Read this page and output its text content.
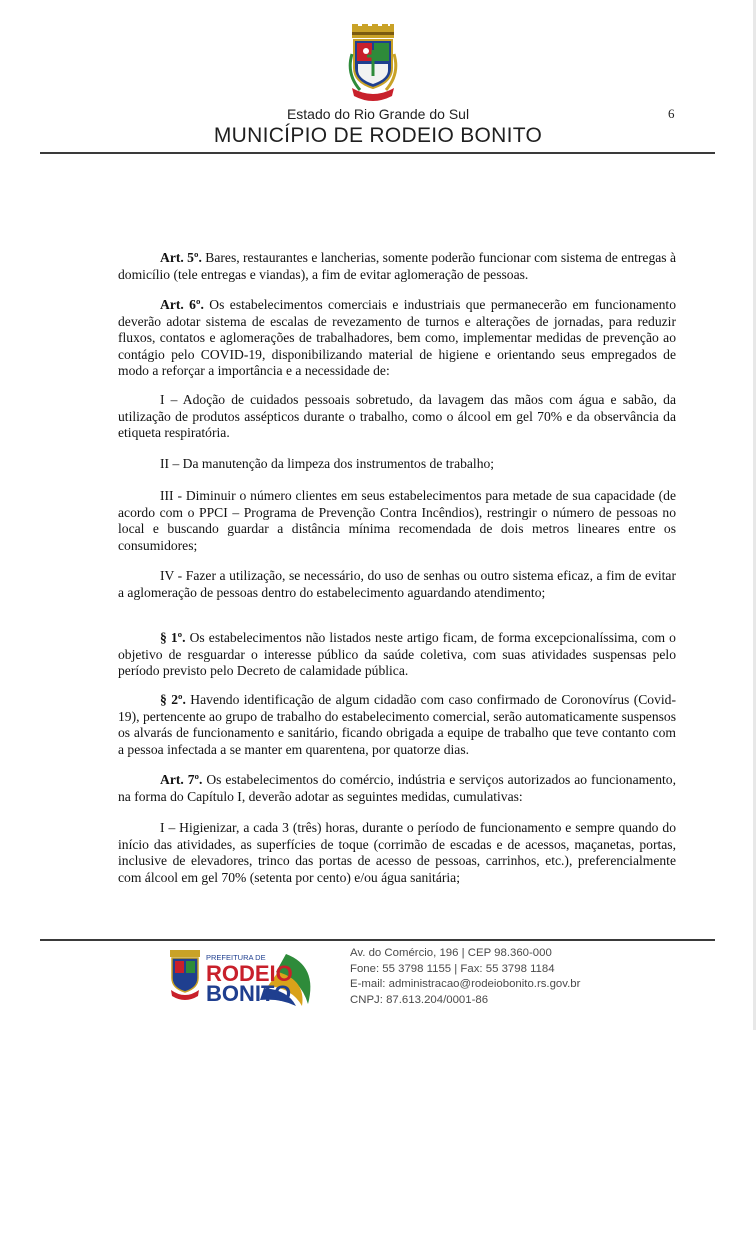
Estado do Rio Grande do Sul
MUNICÍPIO DE RODEIO BONITO
6

Art. 5º. Bares, restaurantes e lancherias, somente poderão funcionar com sistema de entregas à domicílio (tele entregas e viandas), a fim de evitar aglomeração de pessoas.

Art. 6º. Os estabelecimentos comerciais e industriais que permanecerão em funcionamento deverão adotar sistema de escalas de revezamento de turnos e alterações de jornadas, para reduzir fluxos, contatos e aglomerações de trabalhadores, bem como, implementar medidas de prevenção ao contágio pelo COVID-19, disponibilizando material de higiene e orientando seus empregados de modo a reforçar a importância e a necessidade de:

I – Adoção de cuidados pessoais sobretudo, da lavagem das mãos com água e sabão, da utilização de produtos assépticos durante o trabalho, como o álcool em gel 70% e da observância da etiqueta respiratória.

II – Da manutenção da limpeza dos instrumentos de trabalho;

III - Diminuir o número clientes em seus estabelecimentos para metade de sua capacidade (de acordo com o PPCI – Programa de Prevenção Contra Incêndios), restringir o número de pessoas no local e buscando guardar a distância mínima recomendada de dois metros lineares entre os consumidores;

IV - Fazer a utilização, se necessário, do uso de senhas ou outro sistema eficaz, a fim de evitar a aglomeração de pessoas dentro do estabelecimento aguardando atendimento;

§ 1º. Os estabelecimentos não listados neste artigo ficam, de forma excepcionalíssima, com o objetivo de resguardar o interesse público da saúde coletiva, com suas atividades suspensas pelo período previsto pelo Decreto de calamidade pública.

§ 2º. Havendo identificação de algum cidadão com caso confirmado de Coronovírus (Covid-19), pertencente ao grupo de trabalho do estabelecimento comercial, serão automaticamente suspensos os alvarás de funcionamento e sanitário, ficando obrigada a equipe de trabalho que teve contanto com a pessoa infectada a se manter em quarentena, por quatorze dias.

Art. 7º. Os estabelecimentos do comércio, indústria e serviços autorizados ao funcionamento, na forma do Capítulo I, deverão adotar as seguintes medidas, cumulativas:

I – Higienizar, a cada 3 (três) horas, durante o período de funcionamento e sempre quando do início das atividades, as superfícies de toque (corrimão de escadas e de acessos, maçanetas, portas, inclusive de elevadores, trinco das portas de acesso de pessoas, carrinhos, etc.), preferencialmente com álcool em gel 70% (setenta por cento) e/ou água sanitária;

PREFEITURA DE
RODEIO
BONITO
Av. do Comércio, 196 | CEP 98.360-000
Fone: 55 3798 1155 | Fax: 55 3798 1184
E-mail: administracao@rodeiobonito.rs.gov.br
CNPJ: 87.613.204/0001-86
